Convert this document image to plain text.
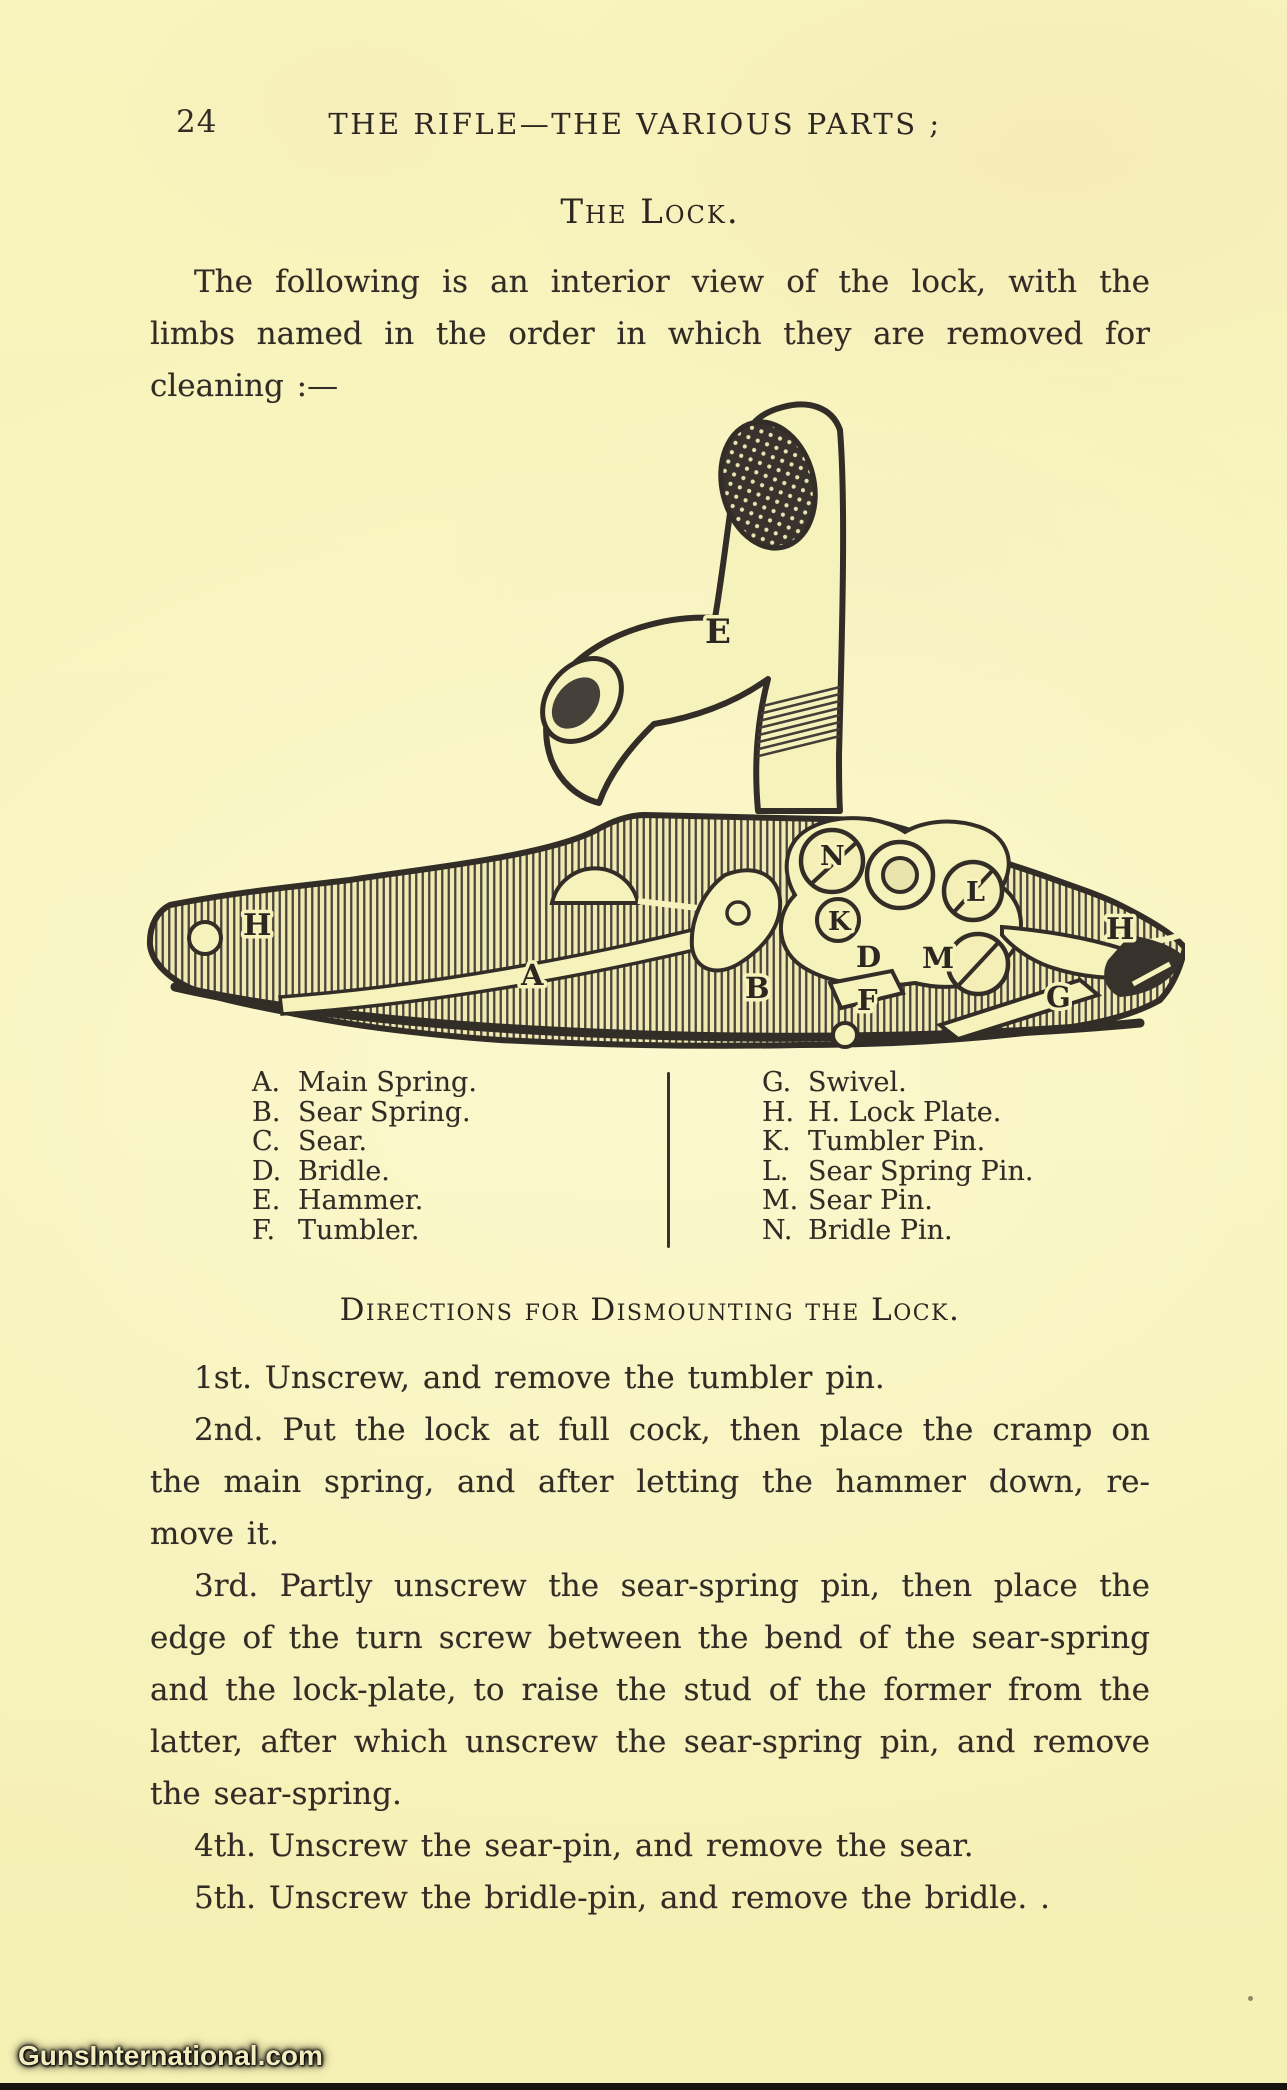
24	THE RIFLE—THE VARIOUS PARTS ;
The Lock.
The following is an interior view of the lock, with the
limbs named in the order in which they are removed for
cleaning :—
E
H
A	B	F	G
D M
K
N
L
H
A. Main Spring.
B. Sear Spring.
C. Sear.
D. Bridle.
E. Hammer.
F. Tumbler.
G. Swivel.
H. H. Lock Plate.
K. Tumbler Pin.
L. Sear Spring Pin.
M. Sear Pin.
N. Bridle Pin.
Directions for Dismounting the Lock.
1st. Unscrew, and remove the tumbler pin.
2nd. Put the lock at full cock, then place the cramp on
the main spring, and after letting the hammer down, re-
move it.
3rd. Partly unscrew the sear-spring pin, then place the
edge of the turn screw between the bend of the sear-spring
and the lock-plate, to raise the stud of the former from the
latter, after which unscrew the sear-spring pin, and remove
the sear-spring.
4th. Unscrew the sear-pin, and remove the sear.
5th. Unscrew the bridle-pin, and remove the bridle. .
GunsInternational.com
